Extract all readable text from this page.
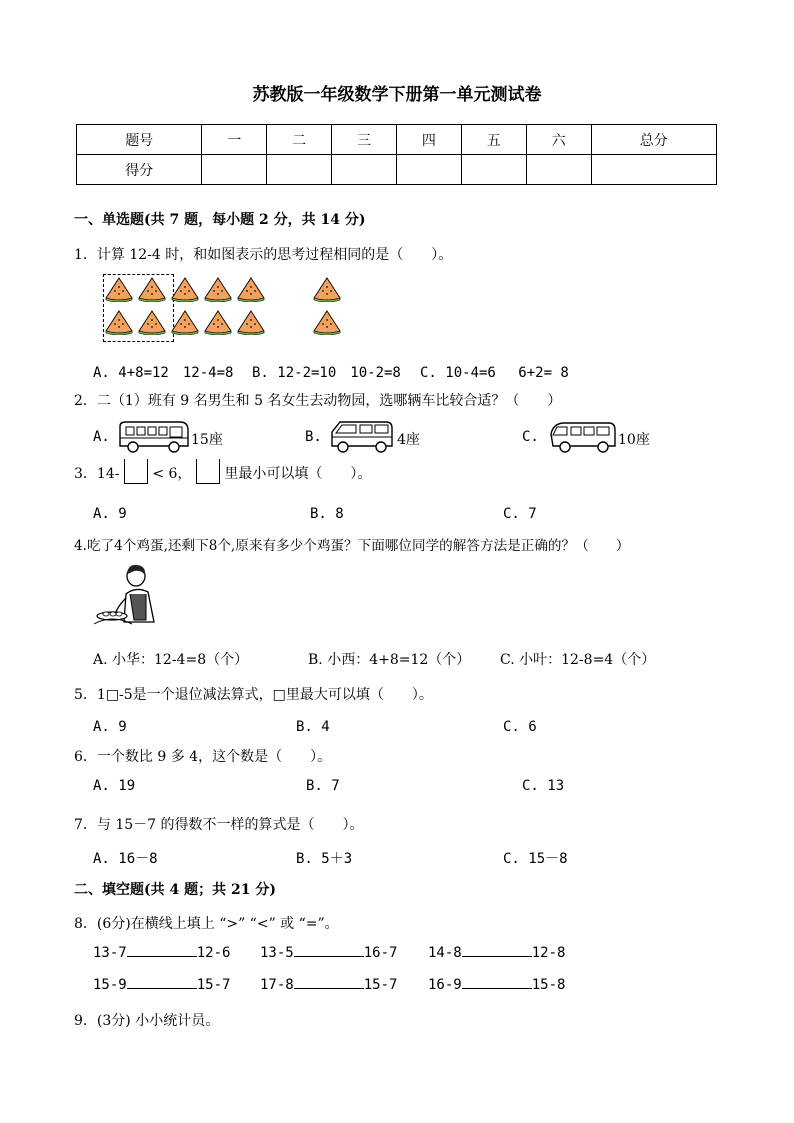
苏教版一年级数学下册第一单元测试卷
题号	一	二	三	四	五	六	总分
得分							
一、单选题(共 7 题，每小题 2 分，共 14 分)
1．计算 12-4 时，和如图表示的思考过程相同的是（　　）。
A. 4+8=12　12-4=8 B. 12-2=10　10-2=8 C. 10-4=6　 6+2= 8
2．二（1）班有 9 名男生和 5 名女生去动物园，选哪辆车比较合适？（　　）
A.	15座	B.	4座	C.	10座
3．14- < 6， 里最小可以填（　　）。
A. 9	B. 8	C. 7
4.吃了4个鸡蛋,还剩下8个,原来有多少个鸡蛋？下面哪位同学的解答方法是正确的？（　　）
A. 小华：12-4=8（个）	B. 小西：4+8=12（个） C. 小叶：12-8=4（个）
5．1□-5是一个退位减法算式，□里最大可以填（　　）。
A. 9	B. 4	C. 6
6．一个数比 9 多 4，这个数是（　　）。
A. 19	B. 7	C. 13
7．与 15－7 的得数不一样的算式是（　　）。
A. 16－8	B. 5＋3	C. 15－8
二、填空题(共 4 题；共 21 分)
8．(6分)在横线上填上 “>” “<” 或 “=”。
13-7	12-6 13-5	16-7 14-8	12-8
15-9	15-7 17-8	15-7 16-9	15-8
9．(3分) 小小统计员。
